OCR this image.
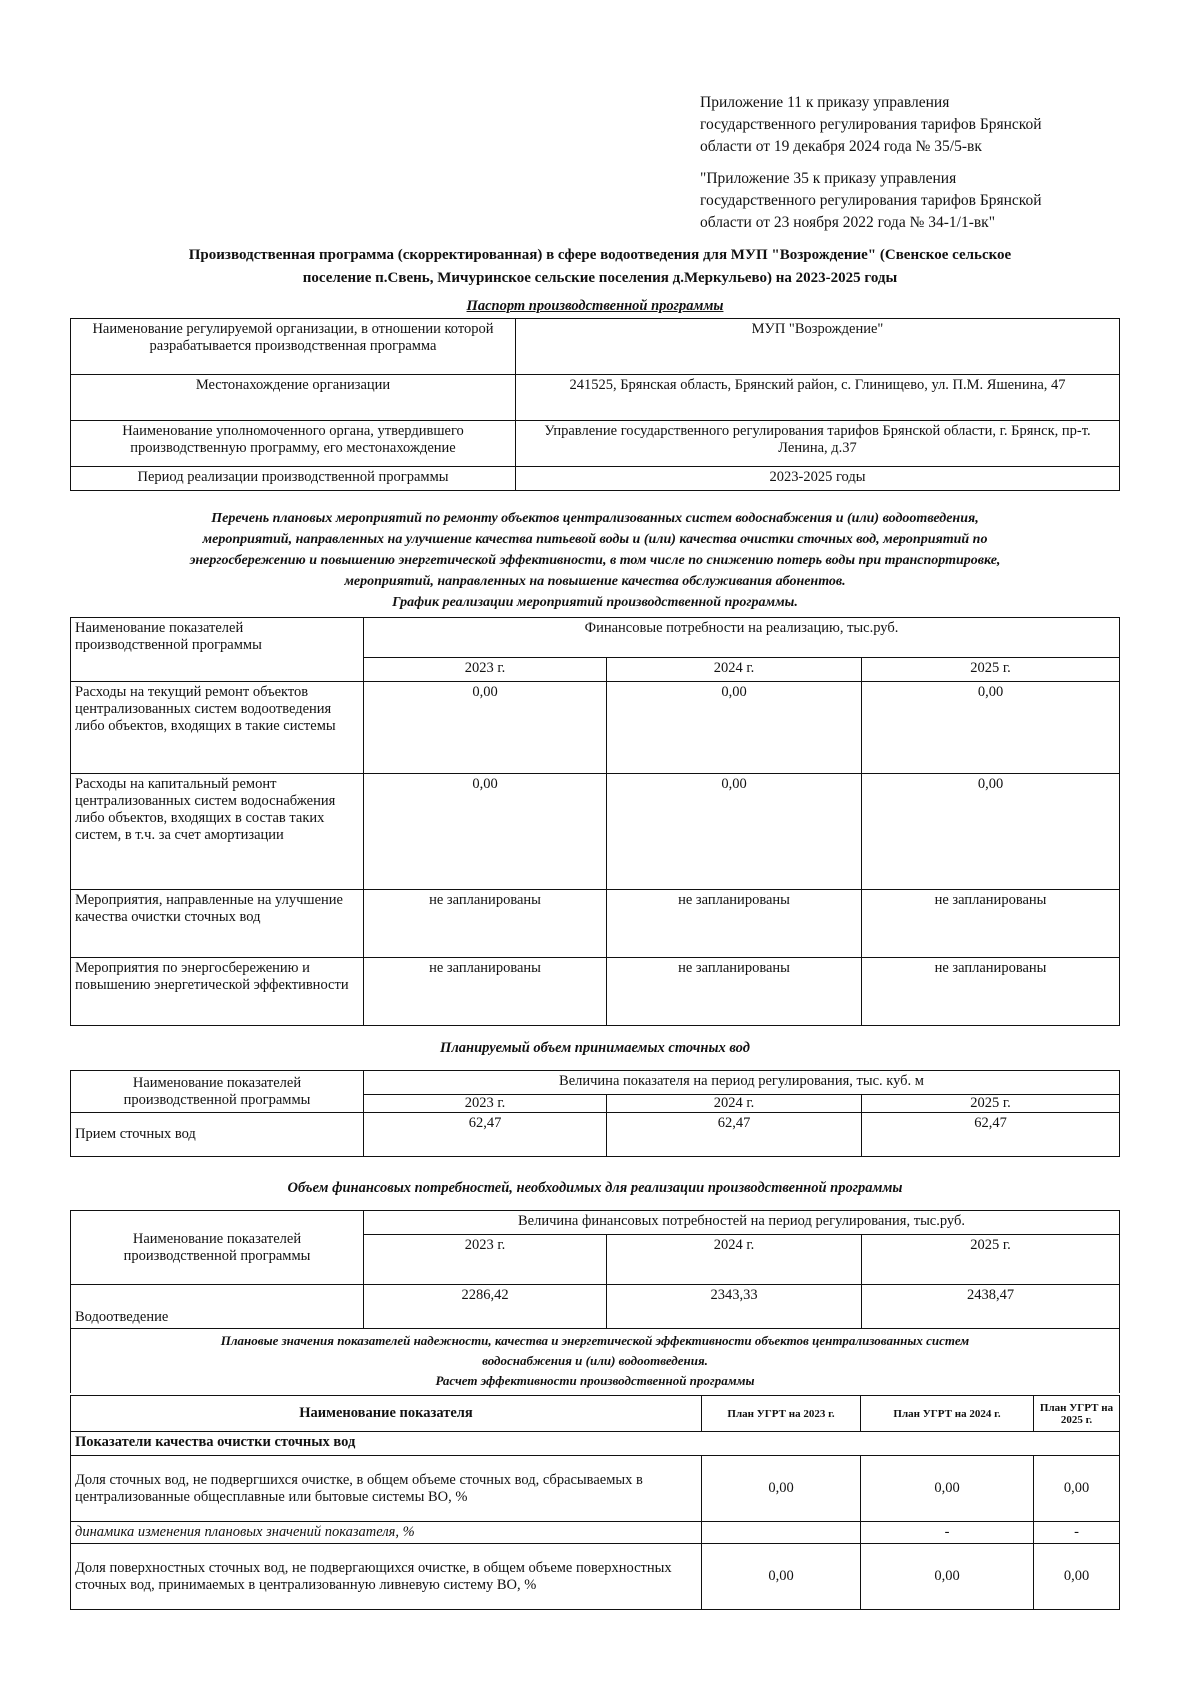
Приложение 11 к приказу управления
государственного регулирования тарифов Брянской
области от 19 декабря 2024 года № 35/5-вк
"Приложение 35 к приказу управления
государственного регулирования тарифов Брянской
области от 23 ноября 2022 года № 34-1/1-вк"
Производственная программа (скорректированная) в сфере водоотведения для МУП "Возрождение" (Свенское сельское
поселение п.Свень, Мичуринское сельские поселения д.Меркульево) на 2023-2025 годы
Паспорт производственной программы
Наименование регулируемой организации, в отношении которой разрабатывается производственная программа	МУП "Возрождение"
Местонахождение организации	241525, Брянская область, Брянский район, с. Глинищево, ул. П.М. Яшенина, 47
Наименование уполномоченного органа, утвердившего производственную программу, его местонахождение	Управление государственного регулирования тарифов Брянской области, г. Брянск, пр-т. Ленина, д.37
Период реализации производственной программы	2023-2025 годы
Перечень плановых мероприятий по ремонту объектов централизованных систем водоснабжения и (или) водоотведения,
мероприятий, направленных на улучшение качества питьевой воды и (или) качества очистки сточных вод, мероприятий по
энергосбережению и повышению энергетической эффективности, в том числе по снижению потерь воды при транспортировке,
мероприятий, направленных на повышение качества обслуживания абонентов.
График реализации мероприятий производственной программы.
Наименование показателей производственной программы	Финансовые потребности на реализацию, тыс.руб.		
	2023 г.	2024 г.	2025 г.
Расходы на текущий ремонт объектов централизованных систем водоотведения либо объектов, входящих в такие системы	0,00	0,00	0,00
Расходы на капитальный ремонт централизованных систем водоснабжения либо объектов, входящих в состав таких систем, в т.ч. за счет амортизации	0,00	0,00	0,00
Мероприятия, направленные на улучшение качества очистки сточных вод	не запланированы	не запланированы	не запланированы
Мероприятия по энергосбережению и повышению энергетической эффективности	не запланированы	не запланированы	не запланированы
Планируемый объем принимаемых сточных вод
Наименование показателей производственной программы	Величина показателя на период регулирования, тыс. куб. м		
	2023 г.	2024 г.	2025 г.
Прием сточных вод	62,47	62,47	62,47
Объем финансовых потребностей, необходимых для реализации производственной программы
Наименование показателей производственной программы	Величина финансовых потребностей на период регулирования, тыс.руб.		
	2023 г.	2024 г.	2025 г.
Водоотведение	2286,42	2343,33	2438,47

Плановые значения показателей надежности, качества и энергетической эффективности объектов централизованных систем
водоснабжения и (или) водоотведения.
Расчет эффективности производственной программы			
Наименование показателя	План УГРТ на 2023 г.	План УГРТ на 2024 г.	План УГРТ на 2025 г.
Показатели качества очистки сточных вод			
Доля сточных вод, не подвергшихся очистке, в общем объеме сточных вод, сбрасываемых в централизованные общесплавные или бытовые системы ВО, %	0,00	0,00	0,00
динамика изменения плановых значений показателя, %		-	-
Доля поверхностных сточных вод, не подвергающихся очистке, в общем объеме поверхностных сточных вод, принимаемых в централизованную ливневую систему ВО, %	0,00	0,00	0,00
